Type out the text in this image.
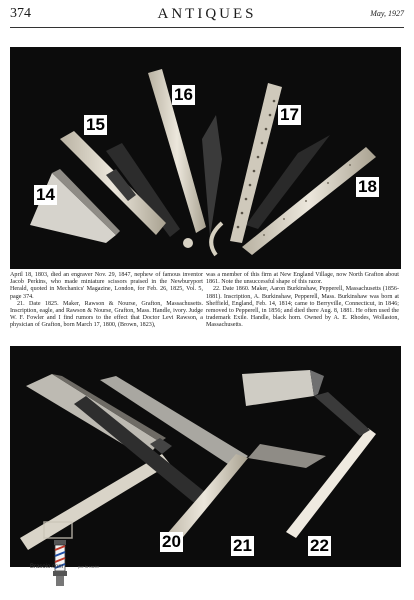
374	ANTIQUES	May, 1927
14
15
16
17
18

April 18, 1803, died an engraver Nov. 29, 1847, nephew of famous inventor Jacob Perkins, who made miniature scissors praised in the Newburyport Herald, quoted in Mechanics' Magazine, London, for Feb. 26, 1825, Vol. 5, page 374.

21. Date 1825. Maker, Rawson & Nourse, Grafton, Massachusetts. Inscription, eagle, and Rawson & Nourse, Grafton, Mass. Handle, ivory. Judge W. F. Fowler and I find rumors to the effect that Doctor Levi Rawson, a physician of Grafton, born March 17, 1800, (Brown, 1823),

was a member of this firm at New England Village, now North Grafton about 1861. Note the unsuccessful shape of this razor.

22. Date 1860. Maker, Aaron Burkinshaw, Pepperell, Massachusetts (1856-1881). Inscription, A. Burkinshaw, Pepperell, Mass. Burkinshaw was born at Sheffield, England, Feb. 14, 1814; came to Berryville, Connecticut, in 1846; removed to Pepperell, in 1856; and died there Aug. 8, 1881. He often used the trademark Exile. Handle, black horn. Owned by A. E. Rhodes, Wollaston, Massachusetts.

20	21	22
Brasoio.com	por la razón
